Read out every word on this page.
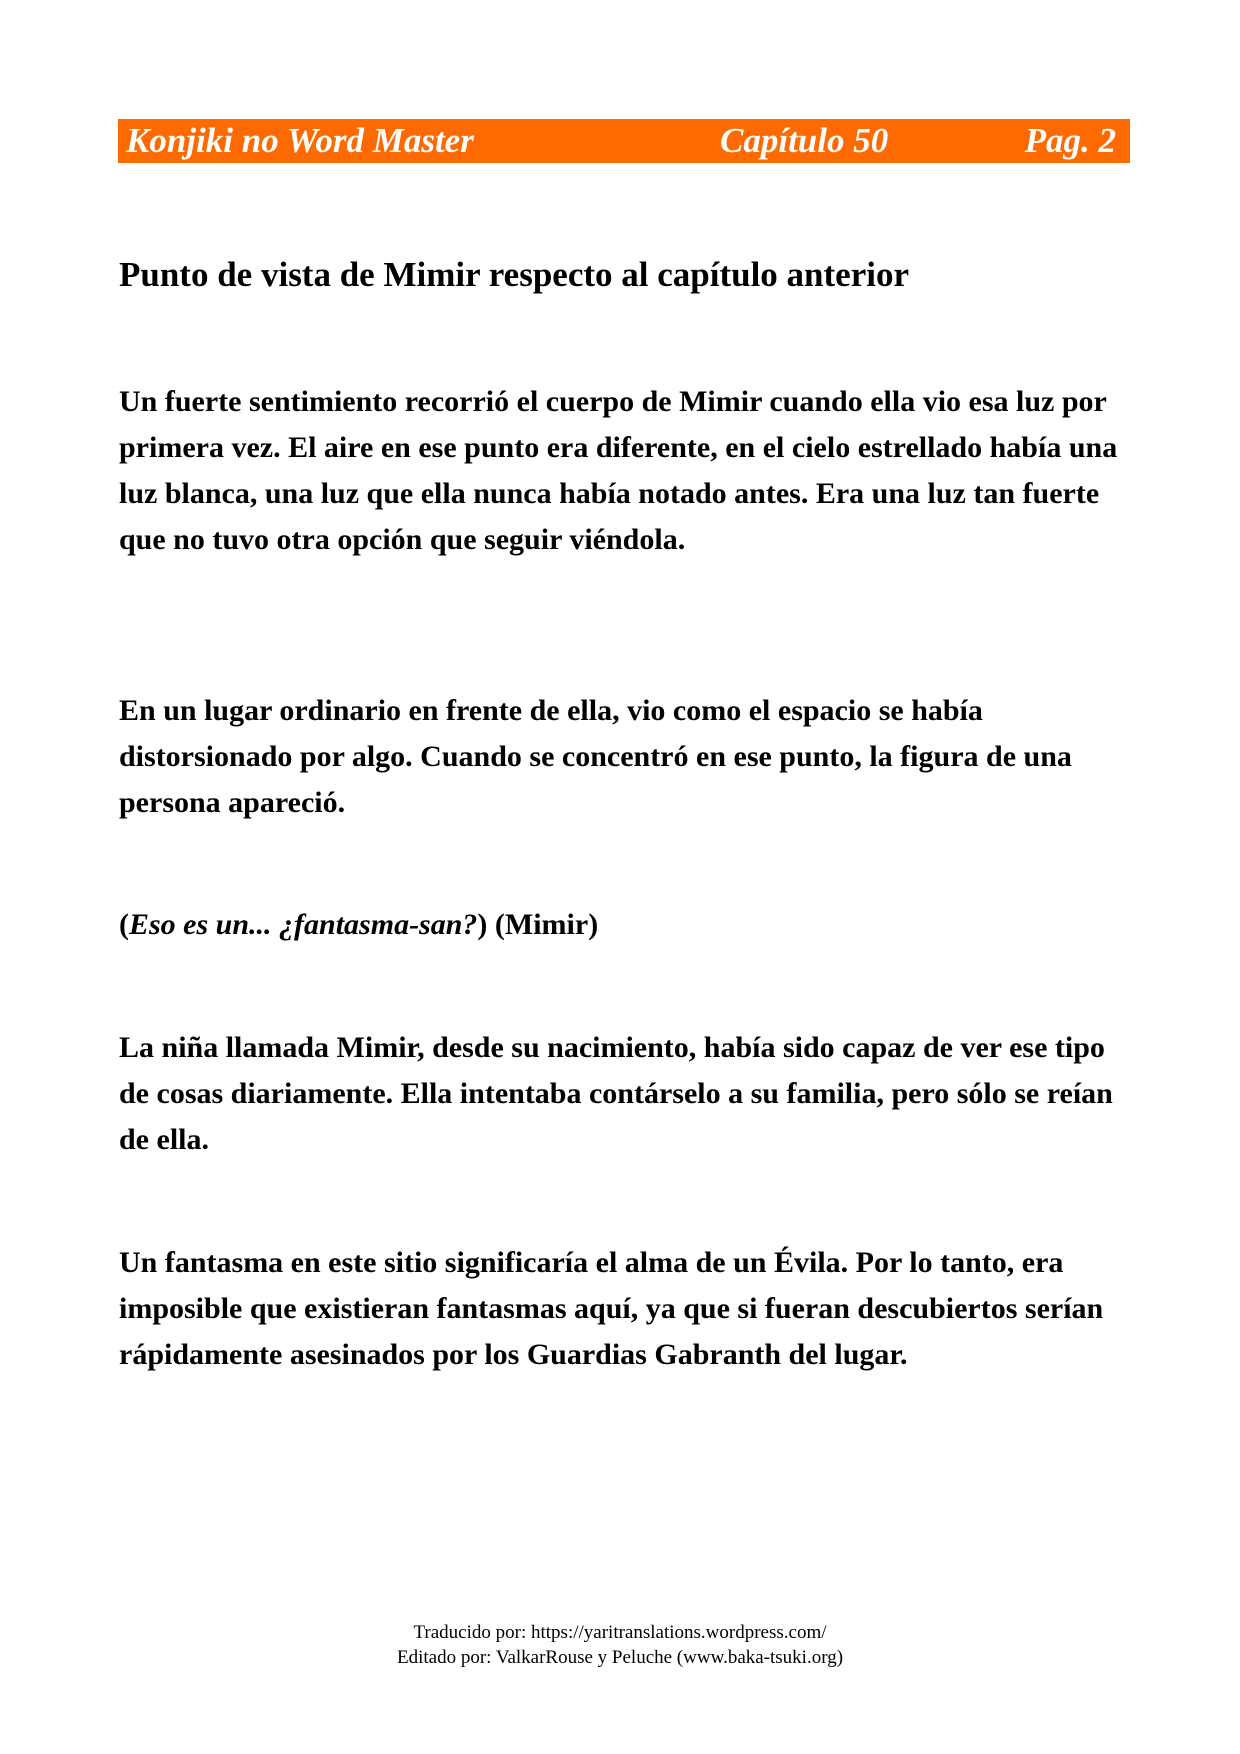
Konjiki no Word Master	Capítulo 50	Pag. 2
Punto de vista de Mimir respecto al capítulo anterior

Un fuerte sentimiento recorrió el cuerpo de Mimir cuando ella vio esa luz por primera vez. El aire en ese punto era diferente, en el cielo estrellado había una luz blanca, una luz que ella nunca había notado antes. Era una luz tan fuerte que no tuvo otra opción que seguir viéndola.

En un lugar ordinario en frente de ella, vio como el espacio se había distorsionado por algo. Cuando se concentró en ese punto, la figura de una persona apareció.

(Eso es un... ¿fantasma-san?) (Mimir)

La niña llamada Mimir, desde su nacimiento, había sido capaz de ver ese tipo de cosas diariamente. Ella intentaba contárselo a su familia, pero sólo se reían de ella.

Un fantasma en este sitio significaría el alma de un Évila. Por lo tanto, era imposible que existieran fantasmas aquí, ya que si fueran descubiertos serían rápidamente asesinados por los Guardias Gabranth del lugar.

Traducido por: https://yaritranslations.wordpress.com/
Editado por: ValkarRouse y Peluche (www.baka-tsuki.org)
